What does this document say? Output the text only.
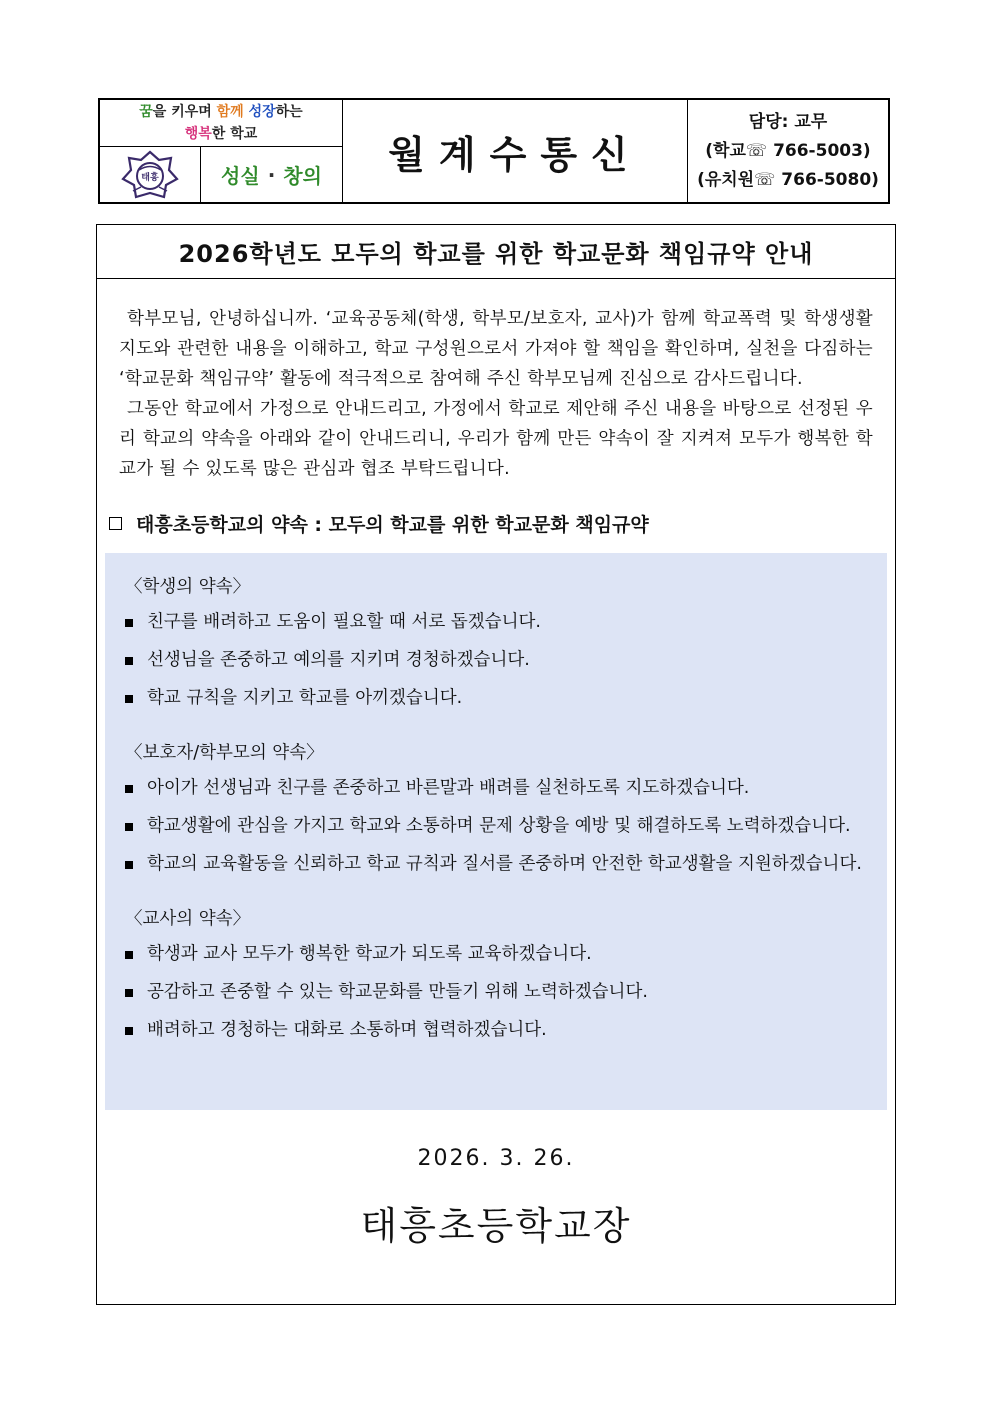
꿈을 키우며 함께 성장하는
행복한 학교
태흥	성실 · 창의	월계수통신
담당: 교무
(학교☏ 766-5003)
(유치원☏ 766-5080)
2026학년도 모두의 학교를 위한 학교문화 책임규약 안내

학부모님, 안녕하십니까. ‘교육공동체(학생, 학부모/보호자, 교사)가 함께 학교폭력 및 학생생활지도와 관련한 내용을 이해하고, 학교 구성원으로서 가져야 할 책임을 확인하며, 실천을 다짐하는 ‘학교문화 책임규약’ 활동에 적극적으로 참여해 주신 학부모님께 진심으로 감사드립니다.

그동안 학교에서 가정으로 안내드리고, 가정에서 학교로 제안해 주신 내용을 바탕으로 선정된 우리 학교의 약속을 아래와 같이 안내드리니, 우리가 함께 만든 약속이 잘 지켜져 모두가 행복한 학교가 될 수 있도록 많은 관심과 협조 부탁드립니다.

태흥초등학교의 약속 : 모두의 학교를 위한 학교문화 책임규약
〈학생의 약속〉
친구를 배려하고 도움이 필요할 때 서로 돕겠습니다.
선생님을 존중하고 예의를 지키며 경청하겠습니다.
학교 규칙을 지키고 학교를 아끼겠습니다.
〈보호자/학부모의 약속〉
아이가 선생님과 친구를 존중하고 바른말과 배려를 실천하도록 지도하겠습니다.
학교생활에 관심을 가지고 학교와 소통하며 문제 상황을 예방 및 해결하도록 노력하겠습니다.
학교의 교육활동을 신뢰하고 학교 규칙과 질서를 존중하며 안전한 학교생활을 지원하겠습니다.
〈교사의 약속〉
학생과 교사 모두가 행복한 학교가 되도록 교육하겠습니다.
공감하고 존중할 수 있는 학교문화를 만들기 위해 노력하겠습니다.
배려하고 경청하는 대화로 소통하며 협력하겠습니다.
2026. 3. 26.
태흥초등학교장
